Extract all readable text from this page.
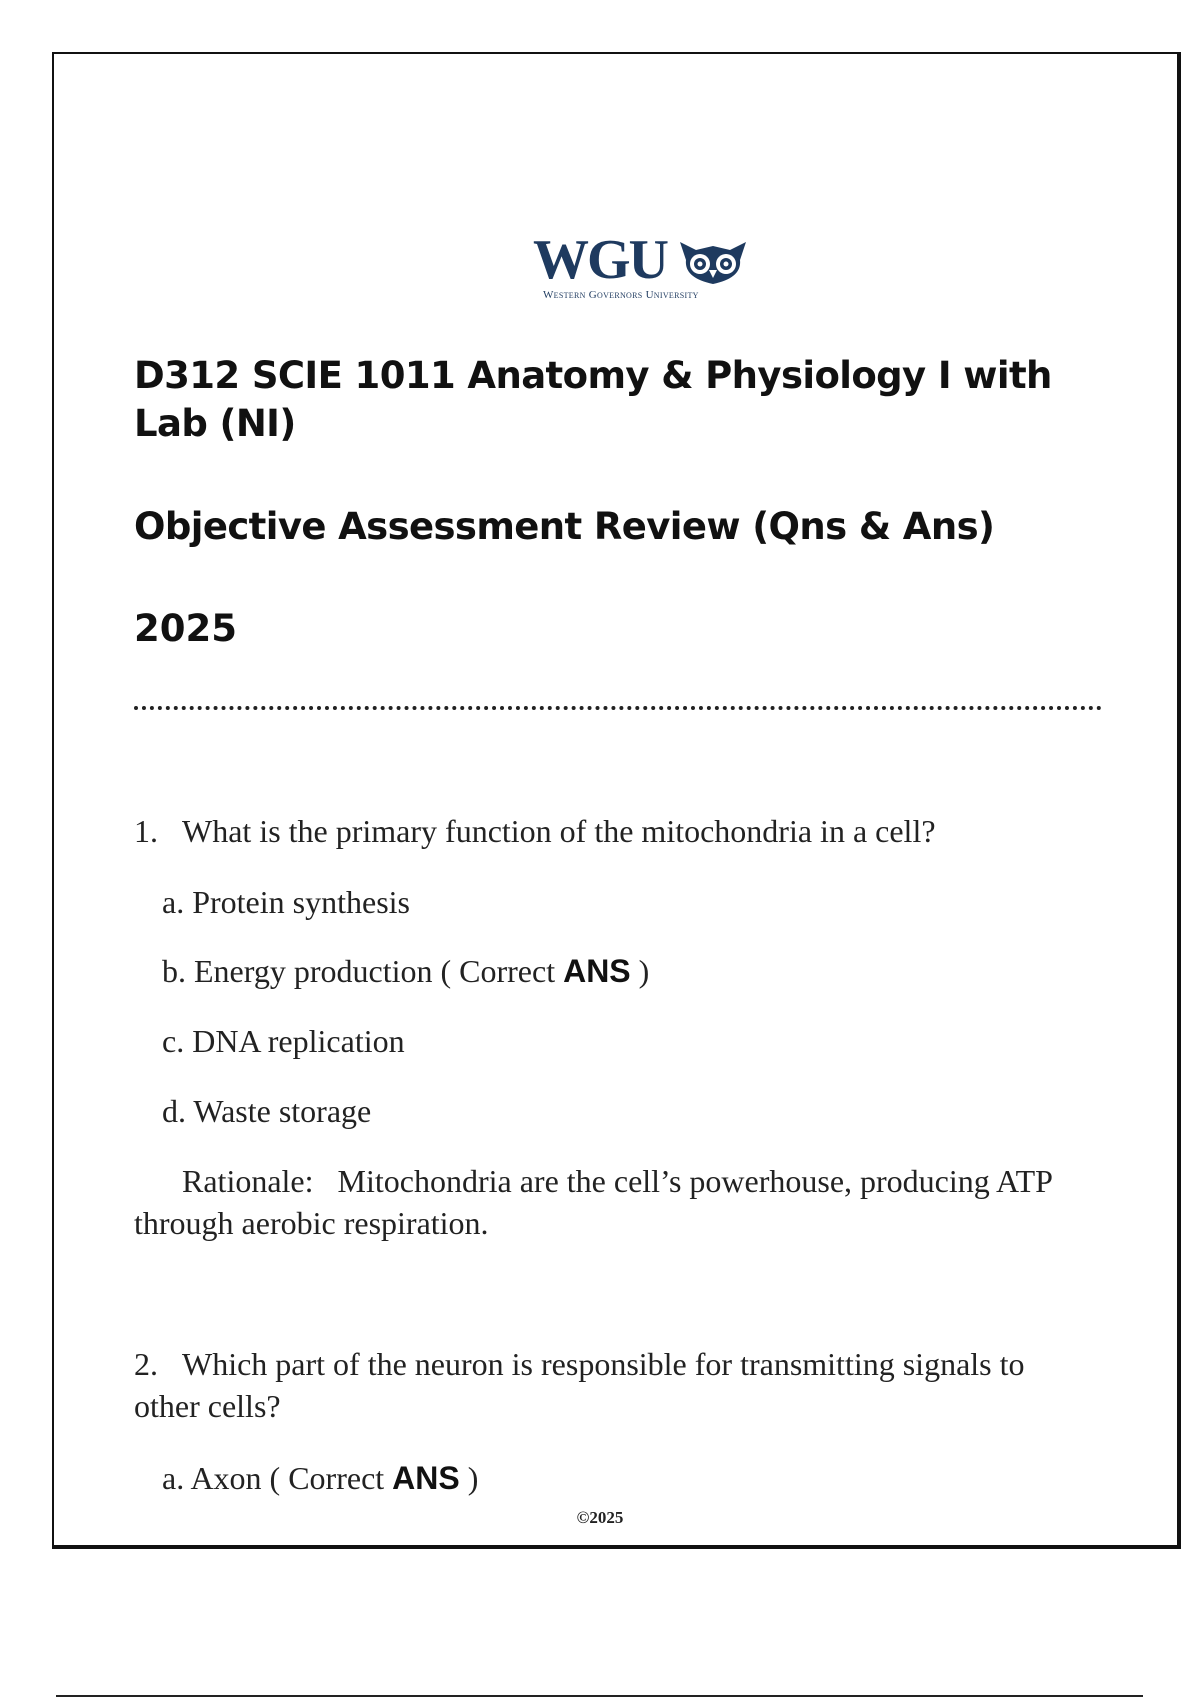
WGU
Western Governors University
D312 SCIE 1011 Anatomy & Physiology I with Lab (NI)
Objective Assessment Review (Qns & Ans)
2025

1. What is the primary function of the mitochondria in a cell?

a. Protein synthesis
b. Energy production ( Correct ANS )
c. DNA replication
d. Waste storage

Rationale: Mitochondria are the cell’s powerhouse, producing ATP through aerobic respiration.

2. Which part of the neuron is responsible for transmitting signals to other cells?

a. Axon ( Correct ANS )
©2025
